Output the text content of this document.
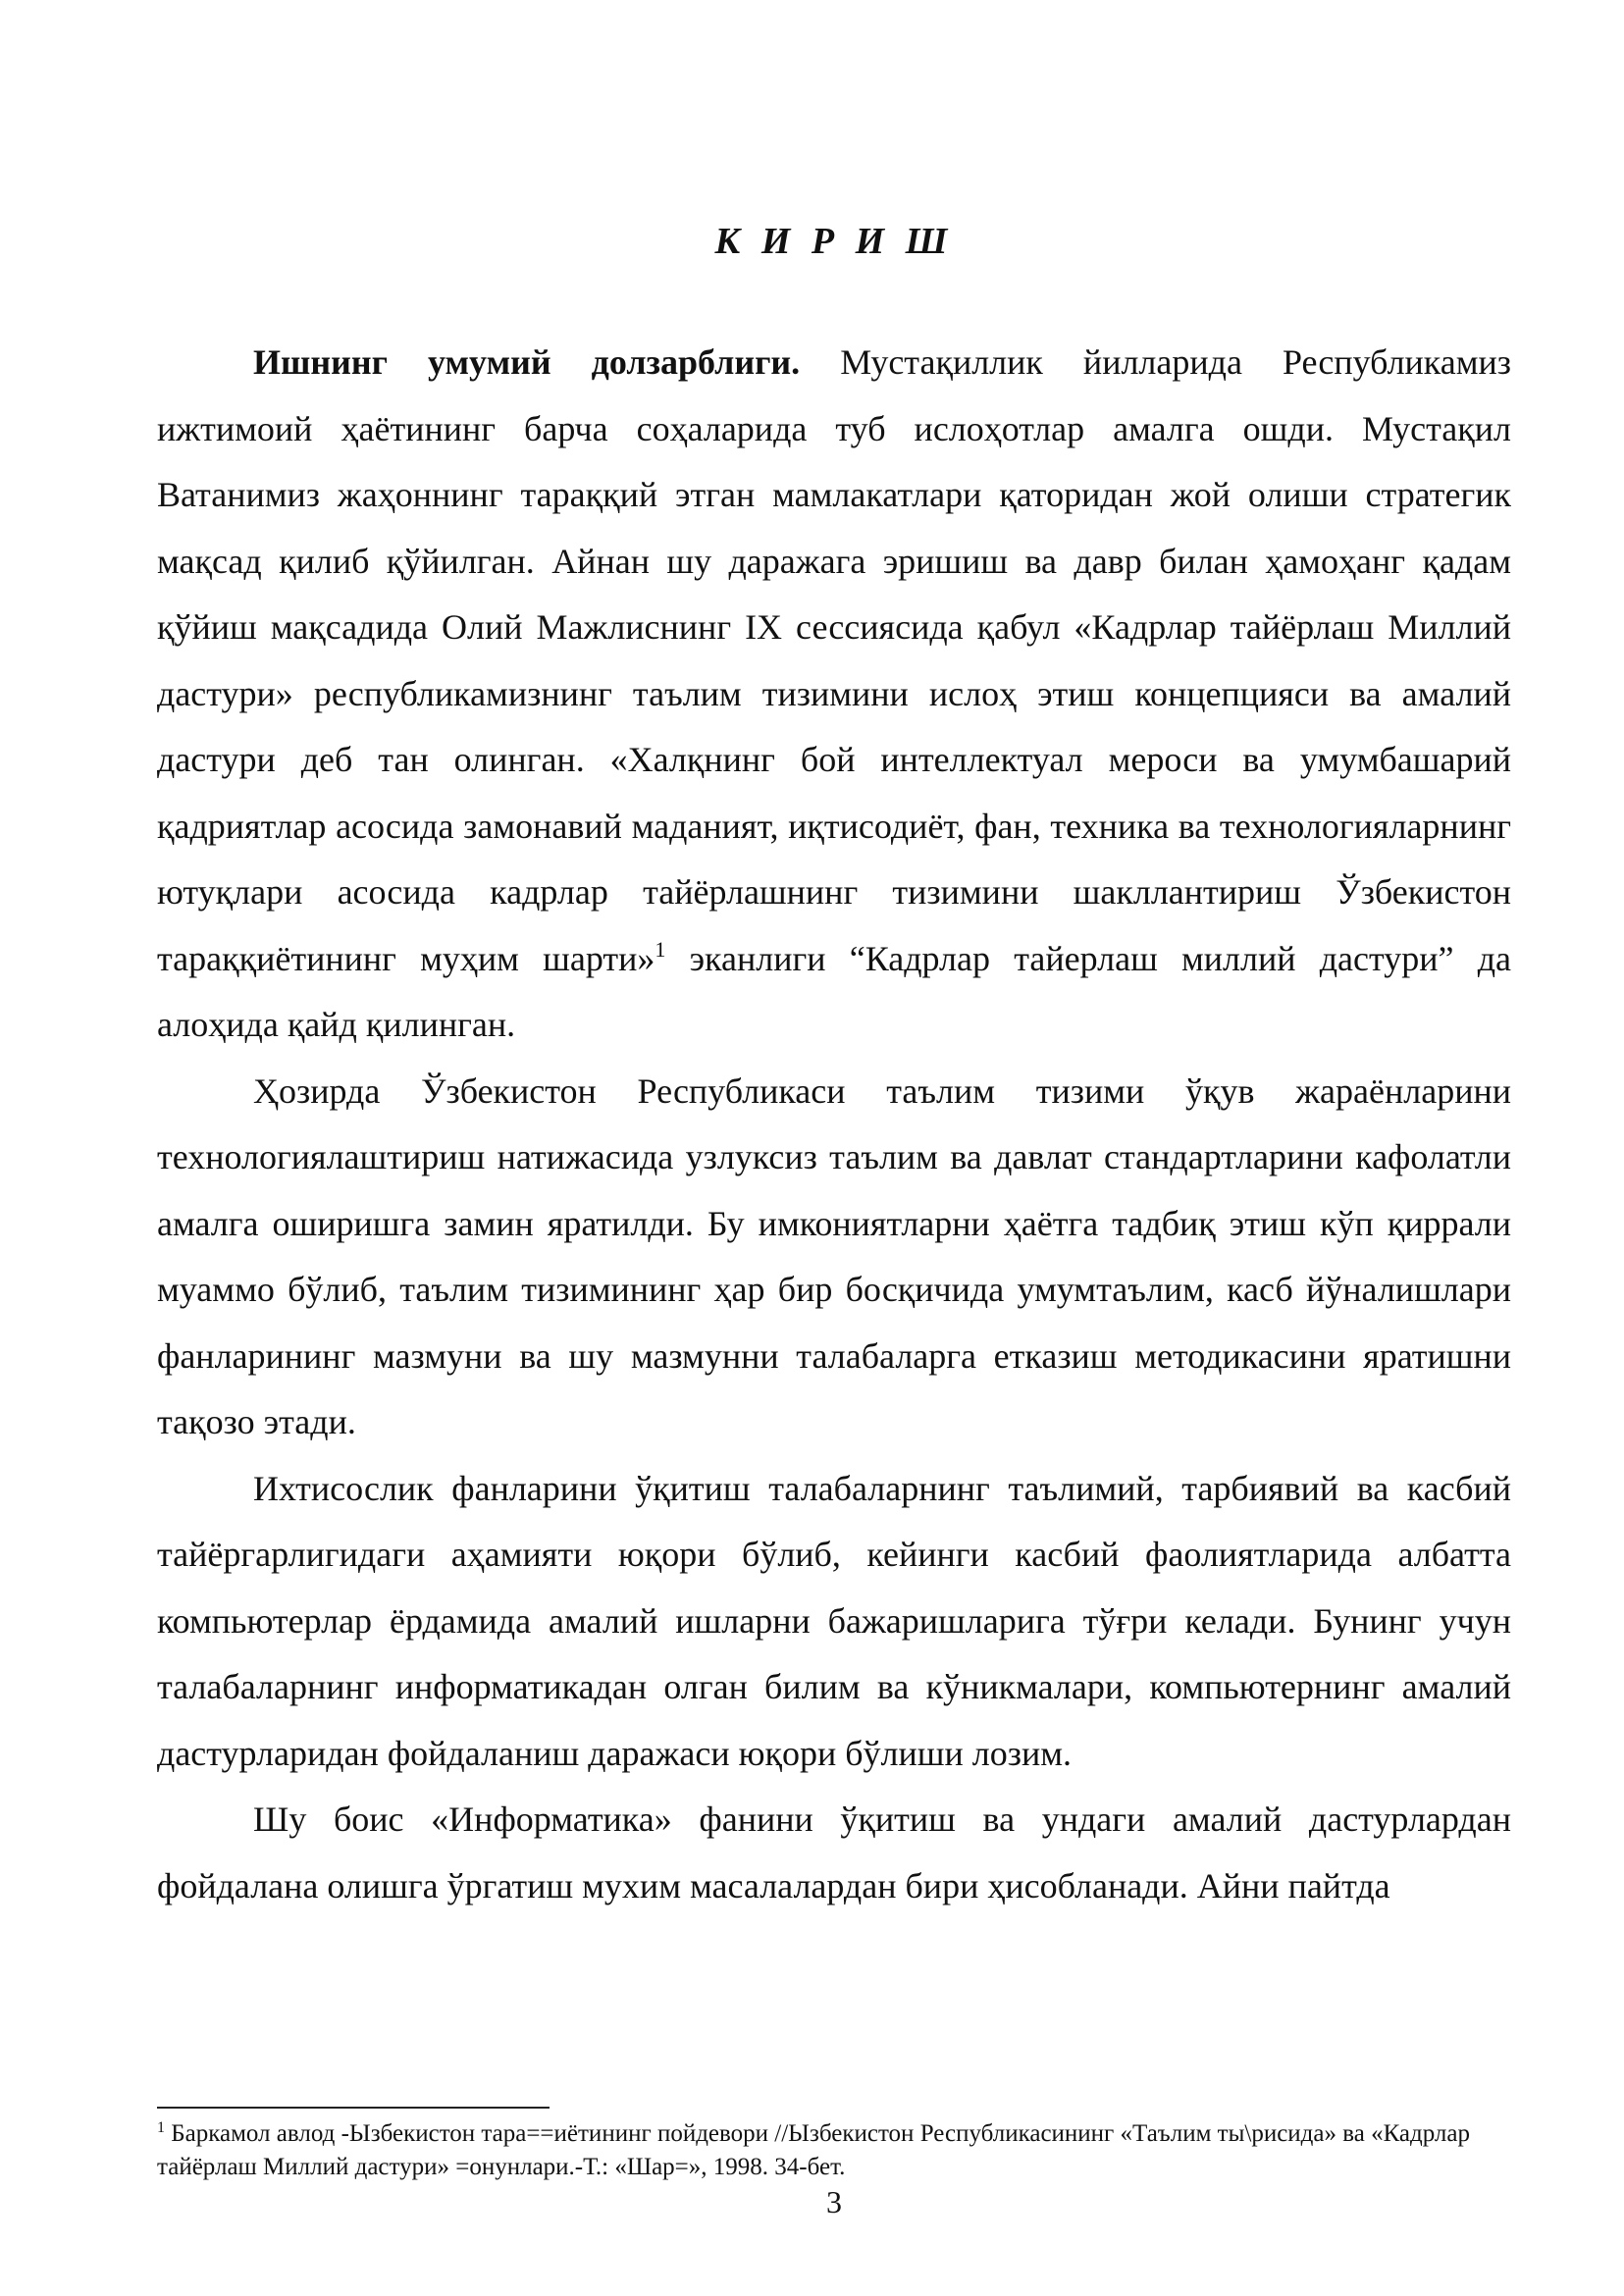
К И Р И Ш

Ишнинг умумий долзарблиги. Мустақиллик йилларида Республикамиз ижтимоий ҳаётининг барча соҳаларида туб ислоҳотлар амалга ошди. Мустақил Ватанимиз жаҳоннинг тараққий этган мамлакатлари қаторидан жой олиши стратегик мақсад қилиб қўйилган. Айнан шу даражага эришиш ва давр билан ҳамоҳанг қадам қўйиш мақсадида Олий Мажлиснинг IX сессиясида қабул «Кадрлар тайёрлаш Миллий дастури» республикамизнинг таълим тизимини ислоҳ этиш концепцияси ва амалий дастури деб тан олинган. «Халқнинг бой интеллектуал мероси ва умумбашарий қадриятлар асосида замонавий маданият, иқтисодиёт, фан, техника ва технологияларнинг ютуқлари асосида кадрлар тайёрлашнинг тизимини шакллантириш Ўзбекистон тараққиётининг муҳим шарти»$^1$ эканлиги “Кадрлар тайерлаш миллий дастури” да алоҳида қайд қилинган.

Ҳозирда Ўзбекистон Республикаси таълим тизими ўқув жараёнларини технологиялаштириш натижасида узлуксиз таълим ва давлат стандартларини кафолатли амалга оширишга замин яратилди. Бу имкониятларни ҳаётга тадбиқ этиш кўп қиррали муаммо бўлиб, таълим тизимининг ҳар бир босқичида умумтаълим, касб йўналишлари фанларининг мазмуни ва шу мазмунни талабаларга етказиш методикасини яратишни тақозо этади.

Ихтисослик фанларини ўқитиш талабаларнинг таълимий, тарбиявий ва касбий тайёргарлигидаги аҳамияти юқори бўлиб, кейинги касбий фаолиятларида албатта компьютерлар ёрдамида амалий ишларни бажаришларига тўғри келади. Бунинг учун талабаларнинг информатикадан олган билим ва кўникмалари, компьютернинг амалий дастурларидан фойдаланиш даражаси юқори бўлиши лозим.

Шу боис «Информатика» фанини ўқитиш ва ундаги амалий дастурлардан фойдалана олишга ўргатиш мухим масалалардан бири ҳисобланади. Айни пайтда

$^1$ Баркамол авлод -Ызбекистон тара==иётининг пойдевори //Ызбекистон Республикасининг «Таълим ты\рисида» ва «Кадрлар тайёрлаш Миллий дастури» =онунлари.-Т.: «Шар=», 1998. 34-бет.
3
